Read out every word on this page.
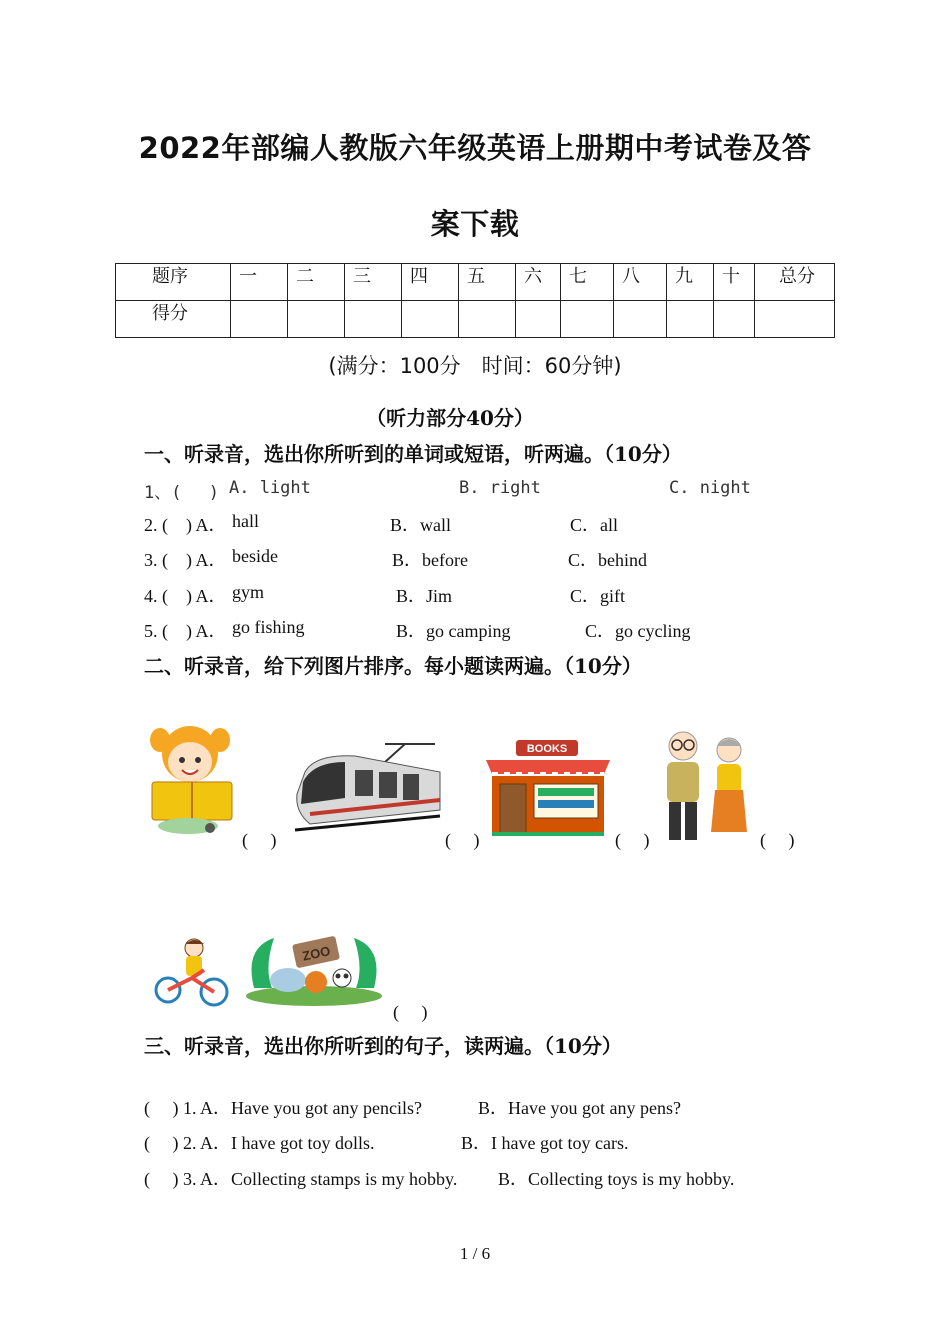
2022年部编人教版六年级英语上册期中考试卷及答
案下载
题序	一	二	三	四	五	六	七	八	九	十	总分
得分											
(满分：100分　时间：60分钟)
（听力部分40分）
一、听录音，选出你所听到的单词或短语，听两遍。（10分）
1、(　 ) A. light	B. right	C. night
2. (　) A． hall	B．wall	C．all
3. (　) A． beside	B．before	C．behind
4. (　) A． gym	B．Jim	C．gift
5. (　) A． go fishing	B．go camping	C．go cycling
二、听录音，给下列图片排序。每小题读两遍。（10分）
(　 )	(　 )
BOOKS
(　 )	(　 )
ZOO
(　 )
三、听录音，选出你所听到的句子，读两遍。（10分）
(　 ) 1. A．Have you got any pencils?	B．Have you got any pens?
(　 ) 2. A．I have got toy dolls.	B．I have got toy cars.
(　 ) 3. A．Collecting stamps is my hobby. B．Collecting toys is my hobby.
1 / 6
